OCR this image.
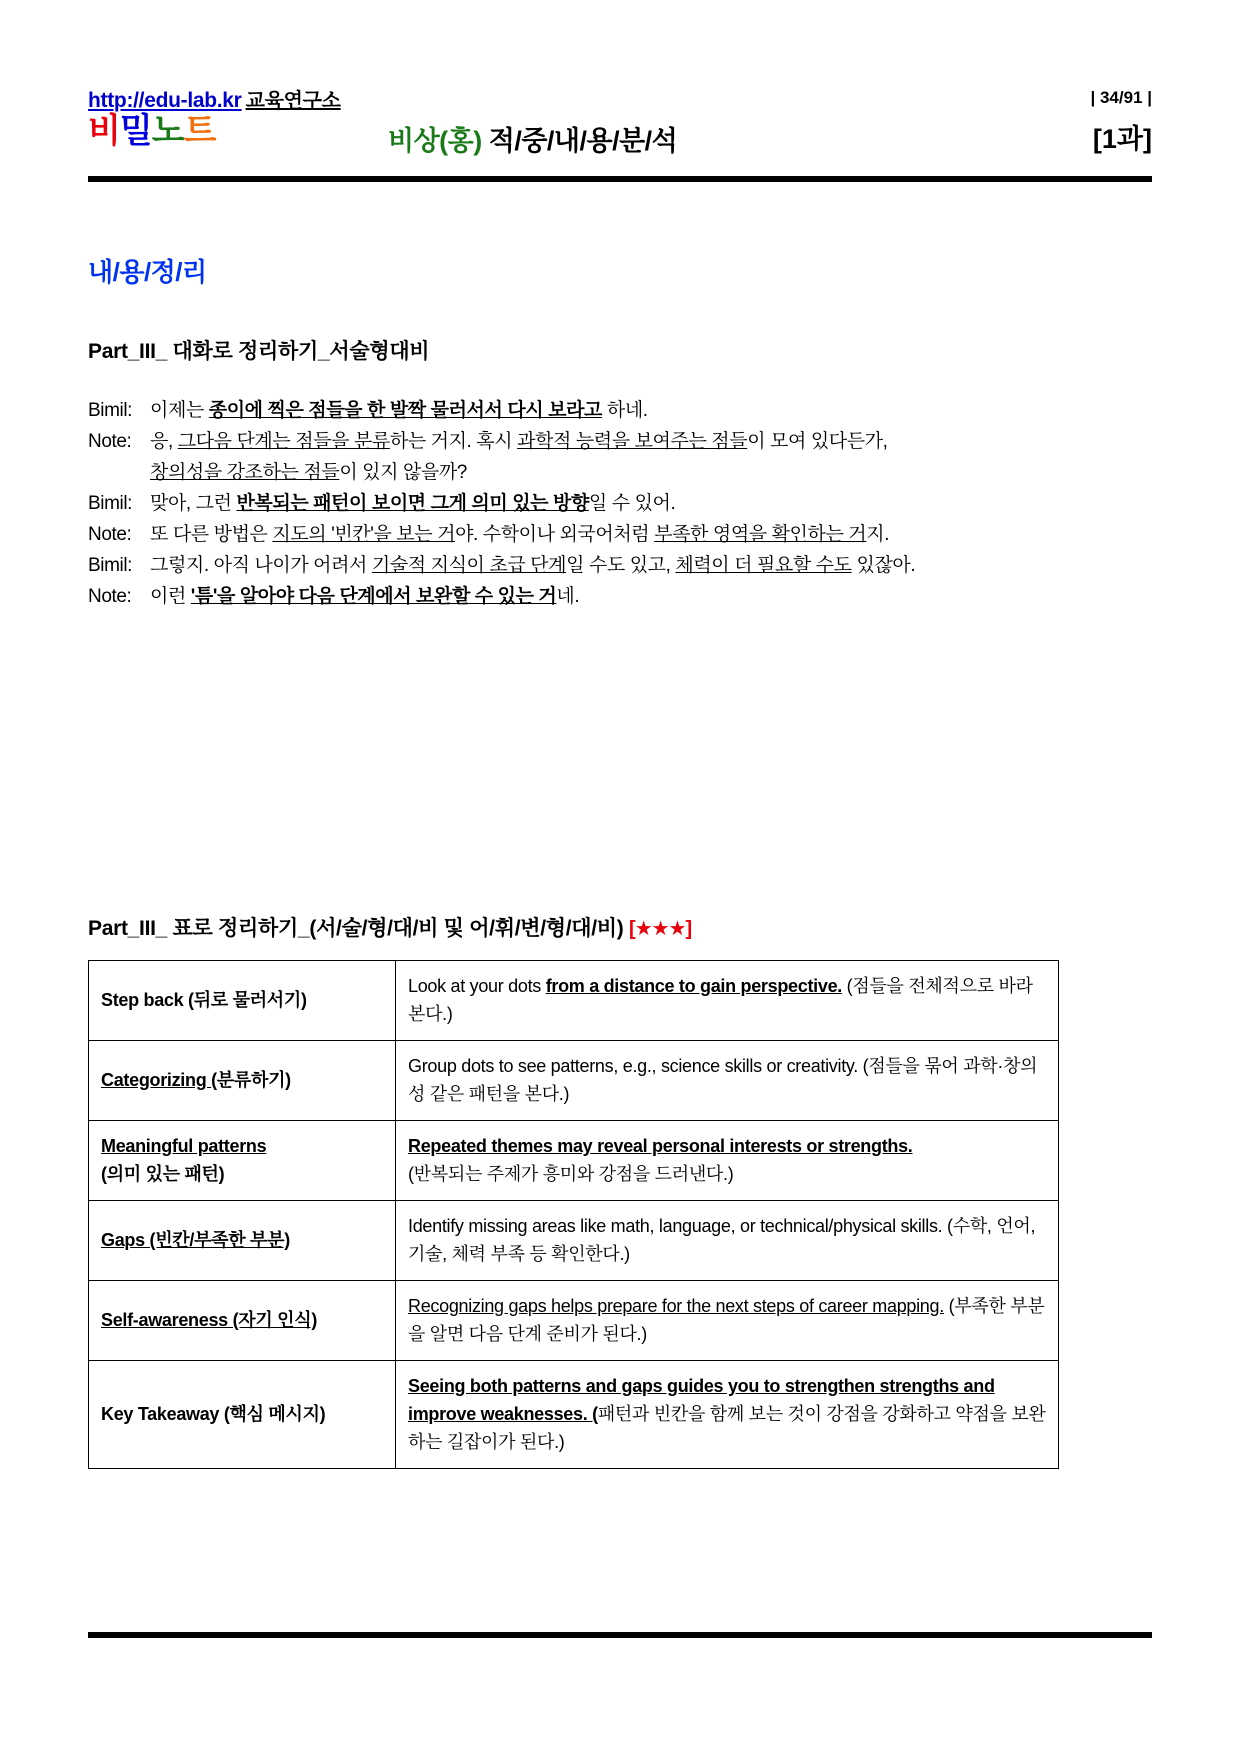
http://edu-lab.kr 교육연구소
비밀노트	비상(홍) 적/중/내/용/분/석
| 34/91 |
[1과]
내/용/정/리
Part_III_ 대화로 정리하기_서술형대비
Bimil: 이제는 종이에 찍은 점들을 한 발짝 물러서서 다시 보라고 하네.
Note: 응, 그다음 단계는 점들을 분류하는 거지. 혹시 과학적 능력을 보여주는 점들이 모여 있다든가,
창의성을 강조하는 점들이 있지 않을까?
Bimil: 맞아, 그런 반복되는 패턴이 보이면 그게 의미 있는 방향일 수 있어.
Note: 또 다른 방법은 지도의 '빈칸'을 보는 거야. 수학이나 외국어처럼 부족한 영역을 확인하는 거지.
Bimil: 그렇지. 아직 나이가 어려서 기술적 지식이 초급 단계일 수도 있고, 체력이 더 필요할 수도 있잖아.
Note: 이런 '틈'을 알아야 다음 단계에서 보완할 수 있는 거네.
Part_III_ 표로 정리하기_(서/술/형/대/비 및 어/휘/변/형/대/비) [★★★]
Step back (뒤로 물러서기)	Look at your dots from a distance to gain perspective. (점들을 전체적으로 바라본다.)
Categorizing (분류하기)	Group dots to see patterns, e.g., science skills or creativity. (점들을 묶어 과학·창의성 같은 패턴을 본다.)
Meaningful patterns
(의미 있는 패턴)	Repeated themes may reveal personal interests or strengths.
(반복되는 주제가 흥미와 강점을 드러낸다.)
Gaps (빈칸/부족한 부분)	Identify missing areas like math, language, or technical/physical skills. (수학, 언어, 기술, 체력 부족 등 확인한다.)
Self-awareness (자기 인식)	Recognizing gaps helps prepare for the next steps of career mapping. (부족한 부분을 알면 다음 단계 준비가 된다.)
Key Takeaway (핵심 메시지)	Seeing both patterns and gaps guides you to strengthen strengths and improve weaknesses. (패턴과 빈칸을 함께 보는 것이 강점을 강화하고 약점을 보완하는 길잡이가 된다.)
